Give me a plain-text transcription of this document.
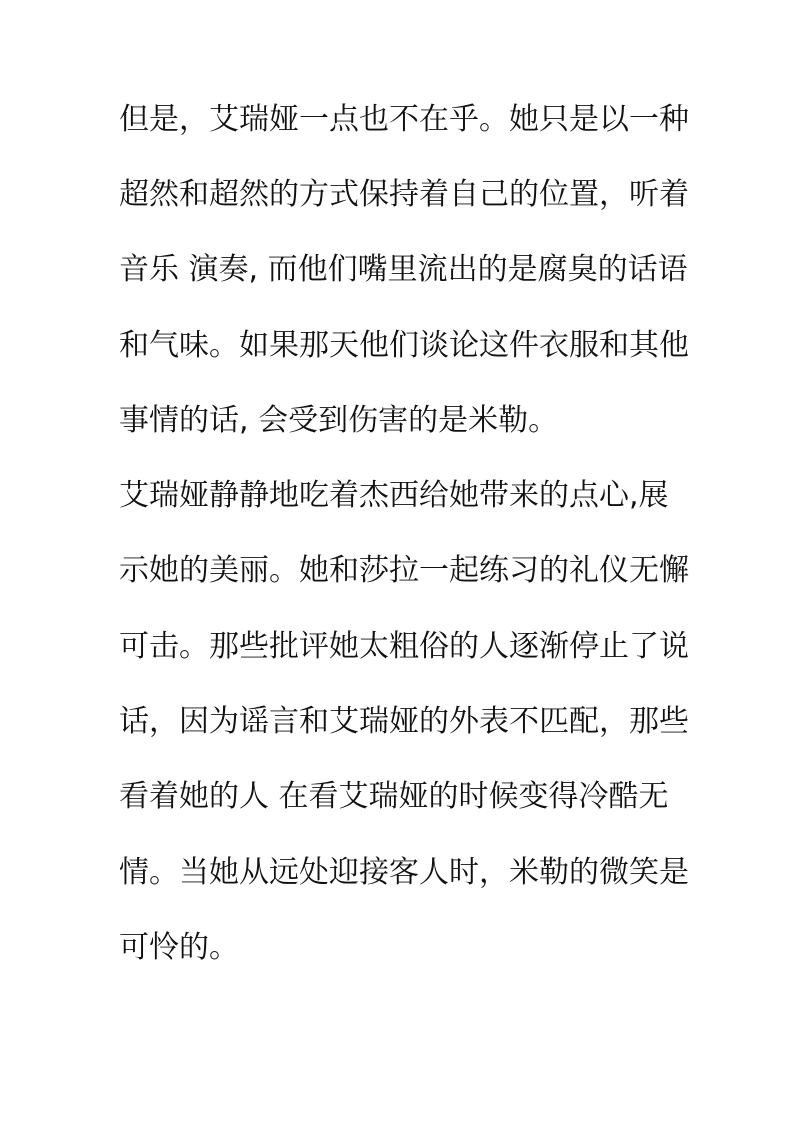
但是，艾瑞娅一点也不在乎。她只是以一种
超然和超然的方式保持着自己的位置，听着
音乐 演奏, 而他们嘴里流出的是腐臭的话语
和气味。如果那天他们谈论这件衣服和其他
事情的话, 会受到伤害的是米勒。
艾瑞娅静静地吃着杰西给她带来的点心,展
示她的美丽。她和莎拉一起练习的礼仪无懈
可击。那些批评她太粗俗的人逐渐停止了说
话，因为谣言和艾瑞娅的外表不匹配，那些
看着她的人 在看艾瑞娅的时候变得冷酷无
情。当她从远处迎接客人时，米勒的微笑是
可怜的。
